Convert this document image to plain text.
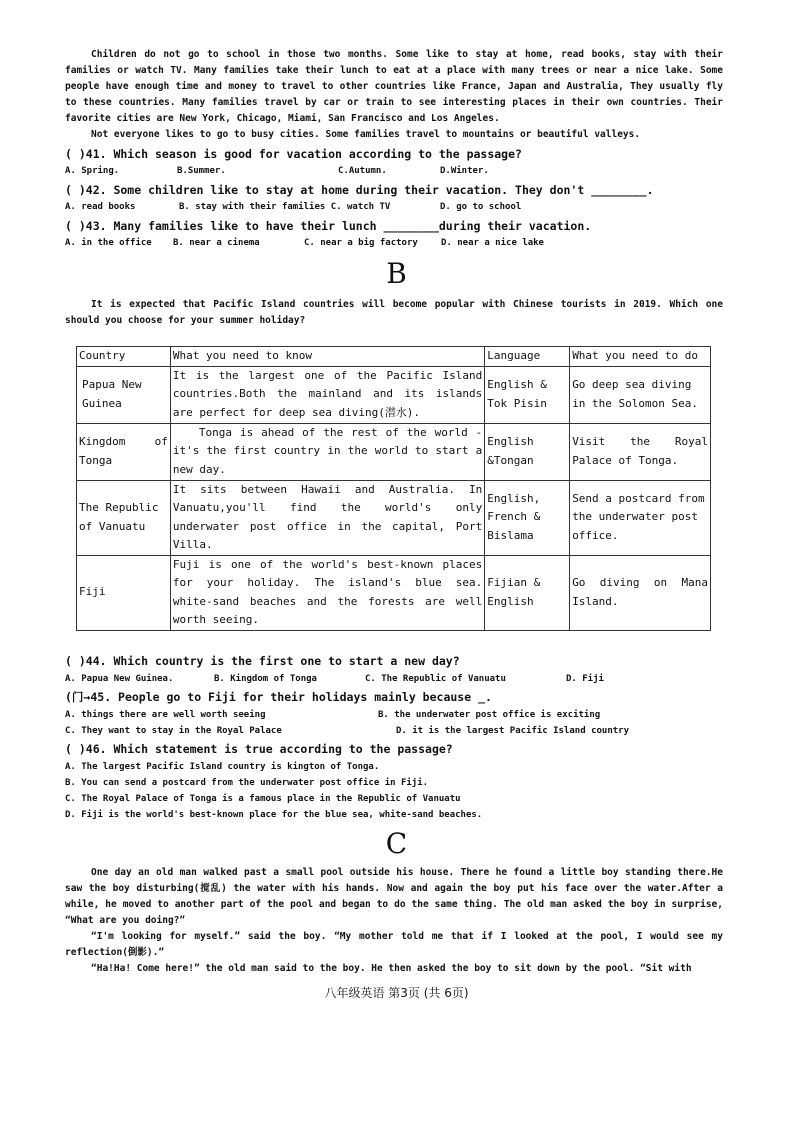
Children do not go to school in those two months. Some like to stay at home, read books, stay with their families or watch TV. Many families take their lunch to eat at a place with many trees or near a nice lake. Some people have enough time and money to travel to other countries like France, Japan and Australia, They usually fly to these countries. Many families travel by car or train to see interesting places in their own countries. Their favorite cities are New York, Chicago, Miami, San Francisco and Los Angeles.

Not everyone likes to go to busy cities. Some families travel to mountains or beautiful valleys.

( )41. Which season is good for vacation according to the passage?

A. Spring.	B.Summer.	C.Autumn.	D.Winter.

( )42. Some children like to stay at home during their vacation. They don't ________.

A. read books	B. stay with their families C. watch TV	D. go to school

( )43. Many families like to have their lunch ________during their vacation.

A. in the office B. near a cinema	C. near a big factory	D. near a nice lake

B

It is expected that Pacific Island countries will become popular with Chinese tourists in 2019. Which one should you choose for your summer holiday?

Country	What you need to know	Language	What you need to do
Papua New Guinea	It is the largest one of the Pacific Island countries.Both the mainland and its islands are perfect for deep sea diving(潜水).	English & Tok Pisin	Go deep sea diving in the Solomon Sea.
Kingdom of Tonga	Tonga is ahead of the rest of the world -it's the first country in the world to start a new day.	English &Tongan	Visit the Royal Palace of Tonga.
The Republic of Vanuatu	It sits between Hawaii and Australia. In Vanuatu,you'll find the world's only underwater post office in the capital, Port Villa.	English, French & Bislama	Send a postcard from the underwater post office.
Fiji	Fuji is one of the world's best-known places for your holiday. The island's blue sea. white-sand beaches and the forests are well worth seeing.	Fijian & English	Go diving on Mana Island.

( )44. Which country is the first one to start a new day?

A. Papua New Guinea.	B. Kingdom of Tonga	C. The Republic of Vanuatu	D. Fiji

(门→45. People go to Fiji for their holidays mainly because _.

A. things there are well worth seeing	B. the underwater post office is exciting
C. They want to stay in the Royal Palace	D. it is the largest Pacific Island country

( )46. Which statement is true according to the passage?

A. The largest Pacific Island country is kington of Tonga.
B. You can send a postcard from the underwater post office in Fiji.
C. The Royal Palace of Tonga is a famous place in the Republic of Vanuatu
D. Fiji is the world's best-known place for the blue sea, white-sand beaches.

C

One day an old man walked past a small pool outside his house. There he found a little boy standing there.He saw the boy disturbing(搅乱) the water with his hands. Now and again the boy put his face over the water.After a while, he moved to another part of the pool and began to do the same thing. The old man asked the boy in surprise, “What are you doing?”

“I'm looking for myself.” said the boy. “My mother told me that if I looked at the pool, I would see my reflection(倒影).”

“Ha!Ha! Come here!” the old man said to the boy. He then asked the boy to sit down by the pool. “Sit with

八年级英语 第3页 (共 6页)
